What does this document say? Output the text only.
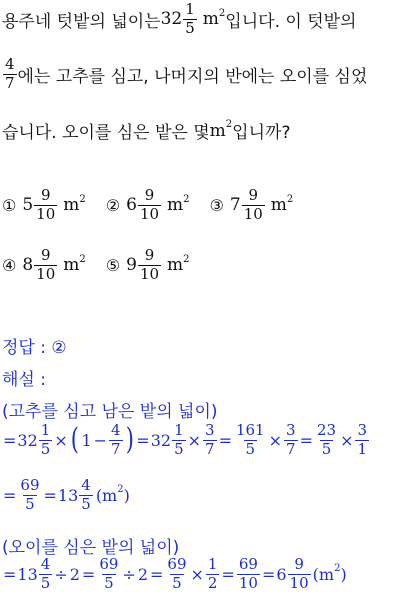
용주네 텃밭의 넓이는 $32 \frac{1}{5} m^2$ 입니다. 이 텃밭의
$\frac{4}{7}$ 에는 고추를 심고, 나머지의 반에는 오이를 심었
습니다. 오이를 심은 밭은 몇 $m^2$ 입니까?
① $5 \frac{9}{10} m^2$ ② $6 \frac{9}{10} m^2$ ③ $7 \frac{9}{10} m^2$
④ $8 \frac{9}{10} m^2$ ⑤ $9 \frac{9}{10} m^2$
정답 : ②
해설 :
(고추를 심고 남은 밭의 넓이)
= $32 \frac{1}{5}$ × ( $1 - \frac{4}{7}$ ) = $32 \frac{1}{5} \times \frac{3}{7} = \frac{161}{5} \times \frac{3}{7} = \frac{23}{5} \times \frac{3}{1}$
= $\frac{69}{5} = 13 \frac{4}{5} (m^2)$
(오이를 심은 밭의 넓이)
= $13 \frac{4}{5} \div 2 = \frac{69}{5} \div 2 = \frac{69}{5} \times \frac{1}{2} = \frac{69}{10} = 6 \frac{9}{10} (m^2)$
